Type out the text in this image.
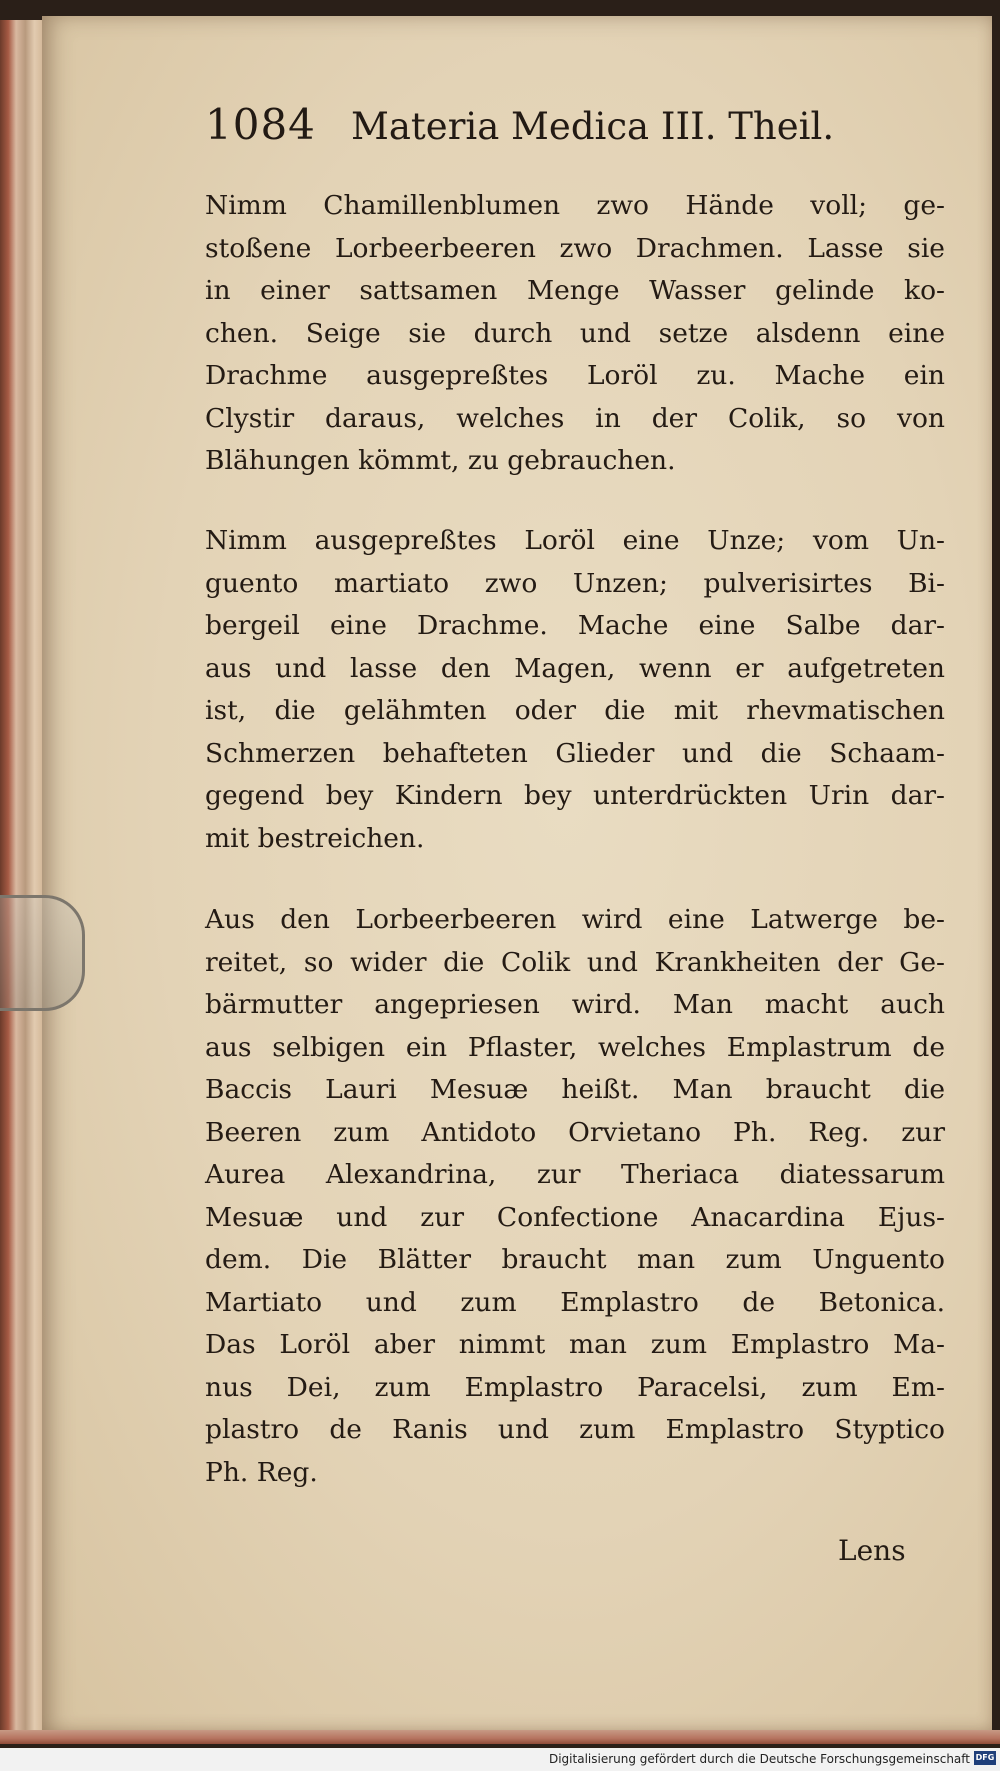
1084 Materia Medica III. Theil.
Nimm Chamillenblumen zwo Hände voll; ge-
stoßene Lorbeerbeeren zwo Drachmen. Lasse sie
in einer sattsamen Menge Wasser gelinde ko-
chen. Seige sie durch und setze alsdenn eine
Drachme ausgepreßtes Loröl zu. Mache ein
Clystir daraus, welches in der Colik, so von
Blähungen kömmt, zu gebrauchen.
Nimm ausgepreßtes Loröl eine Unze; vom Un-
guento martiato zwo Unzen; pulverisirtes Bi-
bergeil eine Drachme. Mache eine Salbe dar-
aus und lasse den Magen, wenn er aufgetreten
ist, die gelähmten oder die mit rhevmatischen
Schmerzen behafteten Glieder und die Schaam-
gegend bey Kindern bey unterdrückten Urin dar-
mit bestreichen.
Aus den Lorbeerbeeren wird eine Latwerge be-
reitet, so wider die Colik und Krankheiten der Ge-
bärmutter angepriesen wird. Man macht auch
aus selbigen ein Pflaster, welches Emplastrum de
Baccis Lauri Mesuæ heißt. Man braucht die
Beeren zum Antidoto Orvietano Ph. Reg. zur
Aurea Alexandrina, zur Theriaca diatessarum
Mesuæ und zur Confectione Anacardina Ejus-
dem. Die Blätter braucht man zum Unguento
Martiato und zum Emplastro de Betonica.
Das Loröl aber nimmt man zum Emplastro Ma-
nus Dei, zum Emplastro Paracelsi, zum Em-
plastro de Ranis und zum Emplastro Styptico
Ph. Reg.
Lens
Digitalisierung gefördert durch die Deutsche Forschungsgemeinschaft DFG
